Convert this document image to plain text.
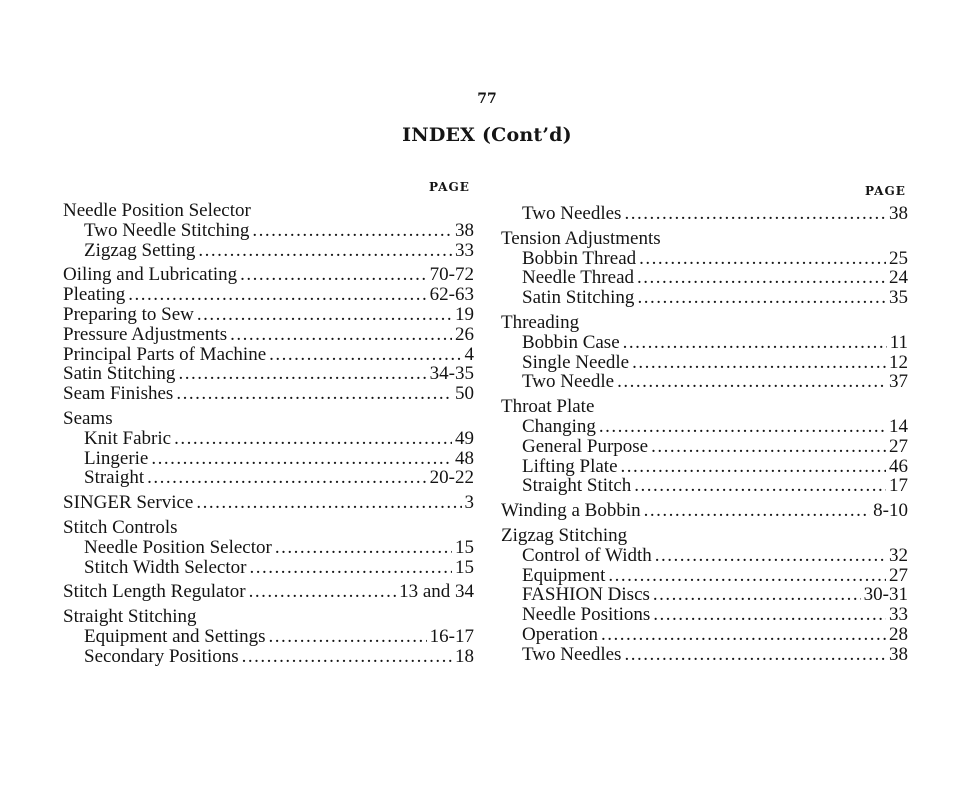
77
INDEX (Cont’d)
PAGE	PAGE
Needle Position Selector
Two Needle Stitching .....	38
Zigzag Setting .....	33
Oiling and Lubricating .....	70-72
Pleating .....	62-63
Preparing to Sew .....	19
Pressure Adjustments .....	26
Principal Parts of Machine .....	4
Satin Stitching .....	34-35
Seam Finishes .....	50
Seams
Knit Fabric .....	49
Lingerie .....	48
Straight .....	20-22
SINGER Service .....	3
Stitch Controls
Needle Position Selector .....	15
Stitch Width Selector .....	15
Stitch Length Regulator .....	13 and 34
Straight Stitching
Equipment and Settings .....	16-17
Secondary Positions .....	18
Two Needles .....	38
Tension Adjustments
Bobbin Thread .....	25
Needle Thread .....	24
Satin Stitching .....	35
Threading
Bobbin Case .....	11
Single Needle .....	12
Two Needle .....	37
Throat Plate
Changing .....	14
General Purpose .....	27
Lifting Plate .....	46
Straight Stitch .....	17
Winding a Bobbin .....	8-10
Zigzag Stitching
Control of Width .....	32
Equipment .....	27
FASHION Discs .....	30-31
Needle Positions .....	33
Operation .....	28
Two Needles .....	38
